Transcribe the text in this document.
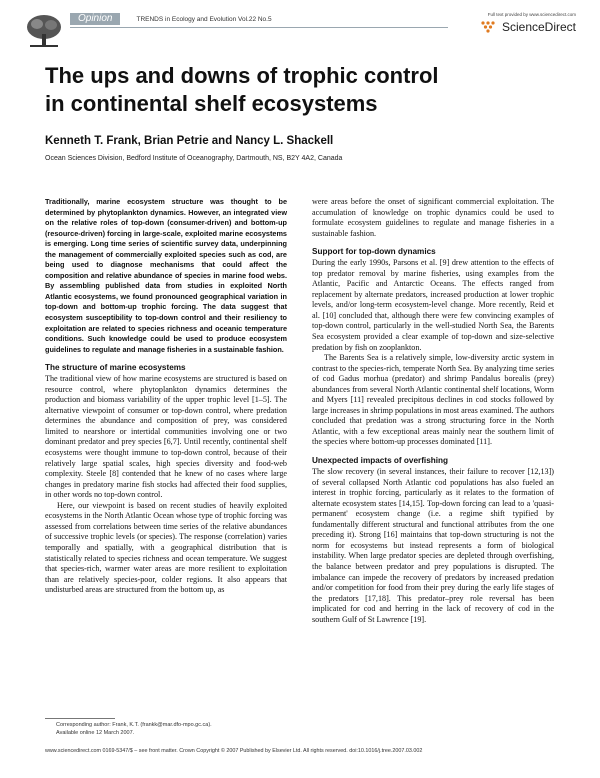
Opinion	TRENDS in Ecology and Evolution Vol.22 No.5
Full text provided by www.sciencedirect.com
ScienceDirect
The ups and downs of trophic control
in continental shelf ecosystems

Kenneth T. Frank, Brian Petrie and Nancy L. Shackell

Ocean Sciences Division, Bedford Institute of Oceanography, Dartmouth, NS, B2Y 4A2, Canada

Traditionally, marine ecosystem structure was thought to be determined by phytoplankton dynamics. However, an integrated view on the relative roles of top-down (consumer-driven) and bottom-up (resource-driven) forcing in large-scale, exploited marine ecosystems is emerging. Long time series of scientific survey data, underpinning the management of commercially exploited species such as cod, are being used to diagnose mechanisms that could affect the composition and relative abundance of species in marine food webs. By assembling published data from studies in exploited North Atlantic ecosystems, we found pronounced geographical variation in top-down and bottom-up trophic forcing. The data suggest that ecosystem susceptibility to top-down control and their resiliency to exploitation are related to species richness and oceanic temperature conditions. Such knowledge could be used to produce ecosystem guidelines to regulate and manage fisheries in a sustainable fashion.

The structure of marine ecosystems

The traditional view of how marine ecosystems are structured is based on resource control, where phytoplankton dynamics determines the production and biomass variability of the upper trophic level [1–5]. The alternative viewpoint of consumer or top-down control, where predation determines the abundance and composition of prey, was considered limited to nearshore or intertidal communities involving one or two dominant predator and prey species [6,7]. Until recently, continental shelf ecosystems were thought immune to top-down control, because of their relatively large spatial scales, high species diversity and food-web complexity. Steele [8] contended that he knew of no cases where large changes in predatory marine fish stocks had affected their food supplies, in other words no top-down control.

Here, our viewpoint is based on recent studies of heavily exploited ecosystems in the North Atlantic Ocean whose type of trophic forcing was assessed from correlations between time series of the relative abundances of successive trophic levels (or species). The response (correlation) varies temporally and spatially, with a geographical distribution that is statistically related to species richness and ocean temperature. We suggest that species-rich, warmer water areas are more resilient to exploitation than are relatively species-poor, colder regions. It also appears that undisturbed areas are structured from the bottom up, as

were areas before the onset of significant commercial exploitation. The accumulation of knowledge on trophic dynamics could be used to formulate ecosystem guidelines to regulate and manage fisheries in a sustainable fashion.

Support for top-down dynamics

During the early 1990s, Parsons et al. [9] drew attention to the effects of top predator removal by marine fisheries, using examples from the Atlantic, Pacific and Antarctic Oceans. The effects ranged from replacement by alternate predators, increased production at lower trophic levels, and/or long-term ecosystem-level change. More recently, Reid et al. [10] concluded that, although there were few convincing examples of top-down control, particularly in the well-studied North Sea, the Barents Sea ecosystem provided a clear example of top-down and size-selective predation by fish on zooplankton.

The Barents Sea is a relatively simple, low-diversity arctic system in contrast to the species-rich, temperate North Sea. By analyzing time series of cod Gadus morhua (predator) and shrimp Pandalus borealis (prey) abundances from several North Atlantic continental shelf locations, Worm and Myers [11] revealed precipitous declines in cod stocks followed by large increases in shrimp populations in most areas examined. The authors concluded that predation was a strong structuring force in the North Atlantic, with a few exceptional areas mainly near the southern limit of the species where bottom-up processes dominated [11].

Unexpected impacts of overfishing

The slow recovery (in several instances, their failure to recover [12,13]) of several collapsed North Atlantic cod populations has also fueled an interest in trophic forcing, particularly as it relates to the formation of alternate ecosystem states [14,15]. Top-down forcing can lead to a 'quasi-permanent' ecosystem change (i.e. a regime shift typified by fundamentally different structural and functional attributes from the one preceding it). Strong [16] maintains that top-down structuring is not the norm for ecosystems but instead represents a form of biological instability. When large predator species are depleted through overfishing, the balance between predator and prey populations is disrupted. The imbalance can impede the recovery of predators by increased predation and/or competition for food from their prey during the early life stages of the predators [17,18]. This predator–prey role reversal has been implicated for cod and herring in the lack of recovery of cod in the southern Gulf of St Lawrence [19].

Corresponding author: Frank, K.T. (frankk@mar.dfo-mpo.gc.ca).
Available online 12 March 2007.
www.sciencedirect.com 0169-5347/$ – see front matter. Crown Copyright © 2007 Published by Elsevier Ltd. All rights reserved. doi:10.1016/j.tree.2007.03.002
